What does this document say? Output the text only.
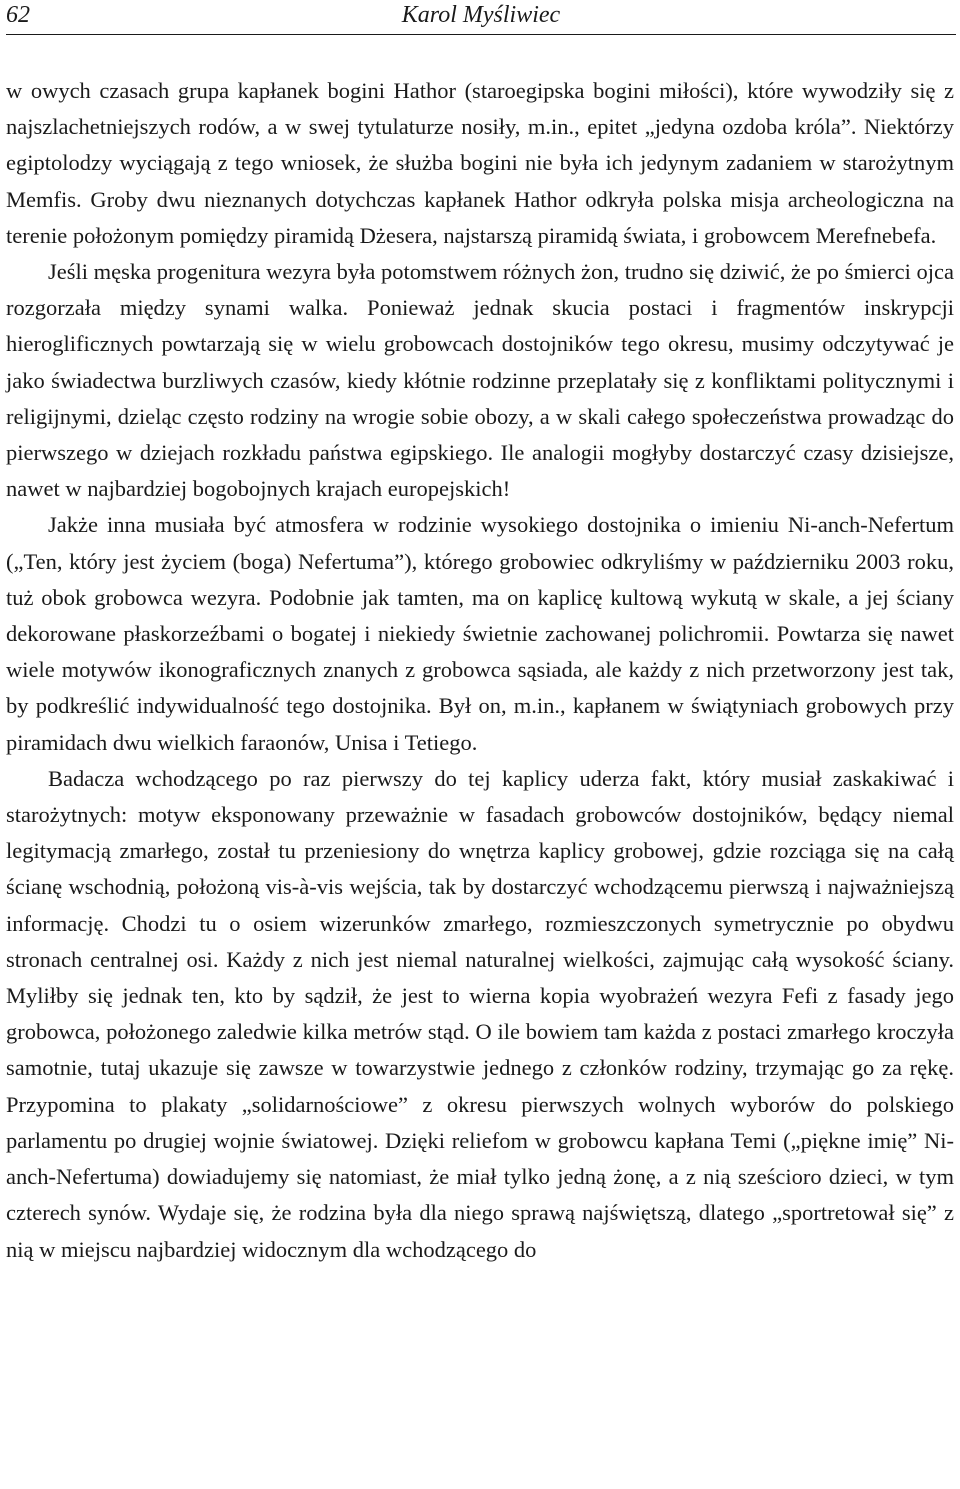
62	Karol Myśliwiec

w owych czasach grupa kapłanek bogini Hathor (staroegipska bogini miłości), które wywodziły się z najszlachetniejszych rodów, a w swej tytulaturze nosiły, m.in., epitet „jedyna ozdoba króla”. Niektórzy egiptolodzy wyciągają z tego wniosek, że służba bogini nie była ich jedynym zadaniem w starożytnym Memfis. Groby dwu nieznanych dotychczas kapłanek Hathor odkryła polska misja archeologiczna na terenie położonym pomiędzy piramidą Dżesera, najstarszą piramidą świata, i grobowcem Merefnebefa.

Jeśli męska progenitura wezyra była potomstwem różnych żon, trudno się dziwić, że po śmierci ojca rozgorzała między synami walka. Ponieważ jednak skucia postaci i fragmentów inskrypcji hieroglificznych powtarzają się w wielu grobowcach dostojników tego okresu, musimy odczytywać je jako świadectwa burzliwych czasów, kiedy kłótnie rodzinne przeplatały się z konfliktami politycznymi i religijnymi, dzieląc często rodziny na wrogie sobie obozy, a w skali całego społeczeństwa prowadząc do pierwszego w dziejach rozkładu państwa egipskiego. Ile analogii mogłyby dostarczyć czasy dzisiejsze, nawet w najbardziej bogobojnych krajach europejskich!

Jakże inna musiała być atmosfera w rodzinie wysokiego dostojnika o imieniu Ni-anch-Nefertum („Ten, który jest życiem (boga) Nefertuma”), którego grobowiec odkryliśmy w październiku 2003 roku, tuż obok grobowca wezyra. Podobnie jak tamten, ma on kaplicę kultową wykutą w skale, a jej ściany dekorowane płaskorzeźbami o bogatej i niekiedy świetnie zachowanej polichromii. Powtarza się nawet wiele motywów ikonograficznych znanych z grobowca sąsiada, ale każdy z nich przetworzony jest tak, by podkreślić indywidualność tego dostojnika. Był on, m.in., kapłanem w świątyniach grobowych przy piramidach dwu wielkich faraonów, Unisa i Tetiego.

Badacza wchodzącego po raz pierwszy do tej kaplicy uderza fakt, który musiał zaskakiwać i starożytnych: motyw eksponowany przeważnie w fasadach grobowców dostojników, będący niemal legitymacją zmarłego, został tu przeniesiony do wnętrza kaplicy grobowej, gdzie rozciąga się na całą ścianę wschodnią, położoną vis-à-vis wejścia, tak by dostarczyć wchodzącemu pierwszą i najważniejszą informację. Chodzi tu o osiem wizerunków zmarłego, rozmieszczonych symetrycznie po obydwu stronach centralnej osi. Każdy z nich jest niemal naturalnej wielkości, zajmując całą wysokość ściany. Myliłby się jednak ten, kto by sądził, że jest to wierna kopia wyobrażeń wezyra Fefi z fasady jego grobowca, położonego zaledwie kilka metrów stąd. O ile bowiem tam każda z postaci zmarłego kroczyła samotnie, tutaj ukazuje się zawsze w towarzystwie jednego z członków rodziny, trzymając go za rękę. Przypomina to plakaty „solidarnościowe” z okresu pierwszych wolnych wyborów do polskiego parlamentu po drugiej wojnie światowej. Dzięki reliefom w grobowcu kapłana Temi („piękne imię” Ni-anch-Nefertuma) dowiadujemy się natomiast, że miał tylko jedną żonę, a z nią sześcioro dzieci, w tym czterech synów. Wydaje się, że rodzina była dla niego sprawą najświętszą, dlatego „sportretował się” z nią w miejscu najbardziej widocznym dla wchodzącego do
